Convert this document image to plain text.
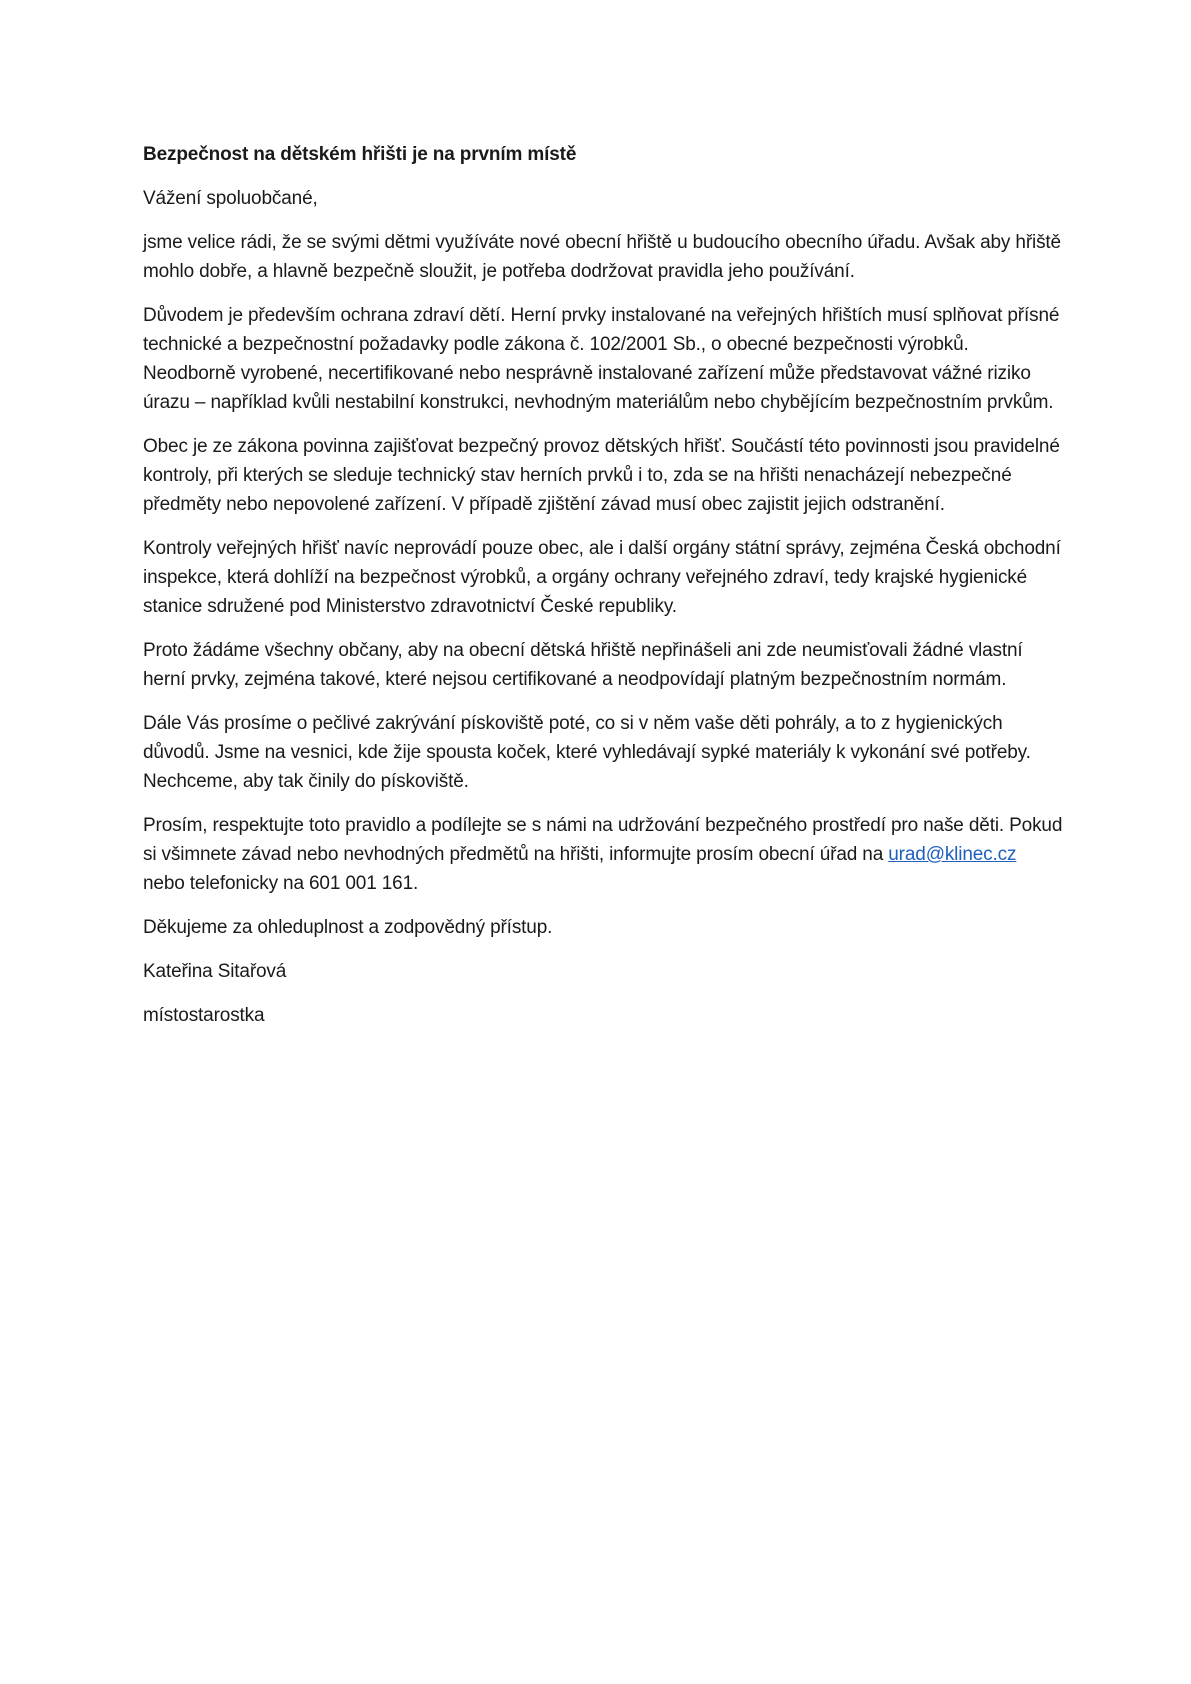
Bezpečnost na dětském hřišti je na prvním místě

Vážení spoluobčané,

jsme velice rádi, že se svými dětmi využíváte nové obecní hřiště u budoucího obecního úřadu. Avšak aby hřiště mohlo dobře, a hlavně bezpečně sloužit, je potřeba dodržovat pravidla jeho používání.

Důvodem je především ochrana zdraví dětí. Herní prvky instalované na veřejných hřištích musí splňovat přísné technické a bezpečnostní požadavky podle zákona č. 102/2001 Sb., o obecné bezpečnosti výrobků. Neodborně vyrobené, necertifikované nebo nesprávně instalované zařízení může představovat vážné riziko úrazu – například kvůli nestabilní konstrukci, nevhodným materiálům nebo chybějícím bezpečnostním prvkům.

Obec je ze zákona povinna zajišťovat bezpečný provoz dětských hřišť. Součástí této povinnosti jsou pravidelné kontroly, při kterých se sleduje technický stav herních prvků i to, zda se na hřišti nenacházejí nebezpečné předměty nebo nepovolené zařízení. V případě zjištění závad musí obec zajistit jejich odstranění.

Kontroly veřejných hřišť navíc neprovádí pouze obec, ale i další orgány státní správy, zejména Česká obchodní inspekce, která dohlíží na bezpečnost výrobků, a orgány ochrany veřejného zdraví, tedy krajské hygienické stanice sdružené pod Ministerstvo zdravotnictví České republiky.

Proto žádáme všechny občany, aby na obecní dětská hřiště nepřinášeli ani zde neumisťovali žádné vlastní herní prvky, zejména takové, které nejsou certifikované a neodpovídají platným bezpečnostním normám.

Dále Vás prosíme o pečlivé zakrývání pískoviště poté, co si v něm vaše děti pohrály, a to z hygienických důvodů. Jsme na vesnici, kde žije spousta koček, které vyhledávají sypké materiály k vykonání své potřeby. Nechceme, aby tak činily do pískoviště.

Prosím, respektujte toto pravidlo a podílejte se s námi na udržování bezpečného prostředí pro naše děti. Pokud si všimnete závad nebo nevhodných předmětů na hřišti, informujte prosím obecní úřad na urad@klinec.cz nebo telefonicky na 601 001 161.

Děkujeme za ohleduplnost a zodpovědný přístup.

Kateřina Sitařová

místostarostka
